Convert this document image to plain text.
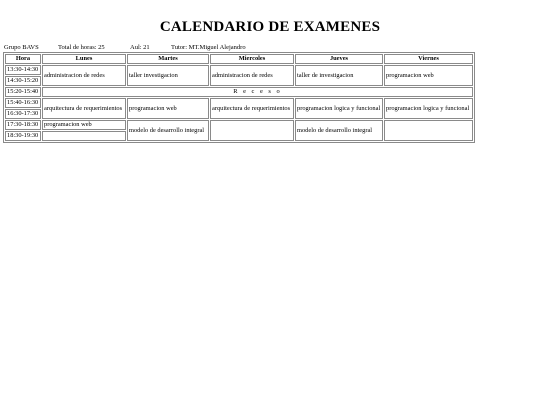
CALENDARIO DE EXAMENES
Grupo BAVS	Total de horas: 25	Aul: 21	Tutor: MT.Miguel Alejandro
Hora	Lunes	Martes	Miercoles	Jueves	Viernes
13:30-14:30	administracion de redes	taller investigacion	administracion de redes	taller de investigacion	programacion web
14:30-15:20					
15:20-15:40	R e c e s o				
15:40-16:30	arquitectura de requerimientos	programacion web	arquitectura de requerimientos	programacion logica y funcional	programacion logica y funcional
16:30-17:30					
17:30-18:30	programacion web	modelo de desarrollo integral		modelo de desarrollo integral	
18:30-19:30					
